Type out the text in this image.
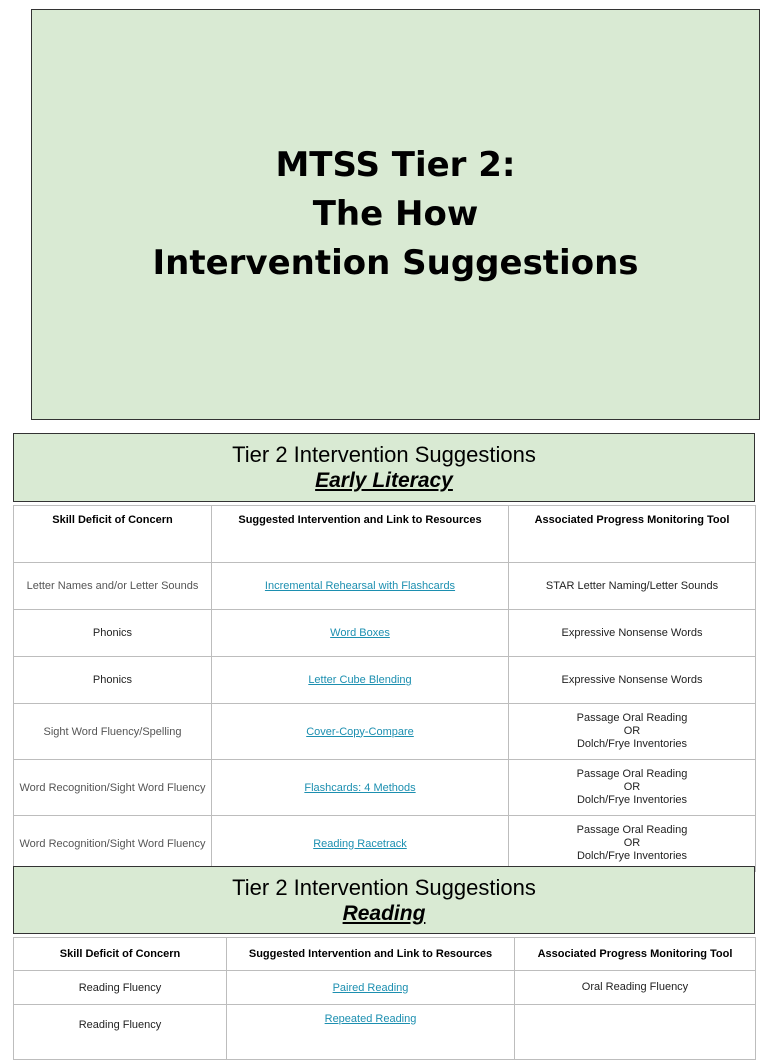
MTSS Tier 2:
The How
Intervention Suggestions
Tier 2 Intervention Suggestions
Early Literacy
Skill Deficit of Concern	Suggested Intervention and Link to Resources	Associated Progress Monitoring Tool
Letter Names and/or Letter Sounds	Incremental Rehearsal with Flashcards	STAR Letter Naming/Letter Sounds

Phonics	Word Boxes	Expressive Nonsense Words

Phonics	Letter Cube Blending	Expressive Nonsense Words

Sight Word Fluency/Spelling	Cover-Copy-Compare	Passage Oral Reading
OR
Dolch/Frye Inventories

Word Recognition/Sight Word Fluency	Flashcards: 4 Methods	Passage Oral Reading
OR
Dolch/Frye Inventories

Word Recognition/Sight Word Fluency	Reading Racetrack	Passage Oral Reading
OR
Dolch/Frye Inventories
Tier 2 Intervention Suggestions
Reading
Skill Deficit of Concern	Suggested Intervention and Link to Resources	Associated Progress Monitoring Tool
Reading Fluency	Paired Reading	Oral Reading Fluency

Reading Fluency	Repeated Reading	
